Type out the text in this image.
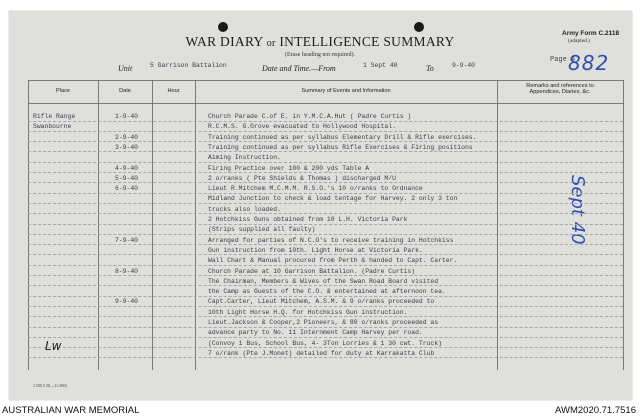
WAR DIARY or INTELLIGENCE SUMMARY
(Erase heading not required).
Army Form C.2118
(adapted.)
Page 4
882
Sept 40
Unit	5 Garrison Battalion	Date and Time.—From	1 Sept 40	To	9-9-40
Place	Date	Hour	Summary of Events and Information
Remarks and references to
Appendices, Diaries, &c.
Rifle Range	1-9-40	Church Parade C.of E. in Y.M.C.A.Hut ( Padre Curtis )
Swanbourne	R.C.M.S. G.Grove evacuated to Hollywood Hospital.
2-9-40	Training continued as per syllabus Elementary Drill & Rifle exercises.
3-9-40	Training continued as per syllabus Rifle Exercises & Firing positions
Aiming Instruction.
4-9-40	Firing Practice over 100 & 200 yds Table A
5-9-40	2 o/ranks ( Pte Shields & Thomas ) discharged M/U
6-9-40	Lieut R.Mitchem M.C.M.M. R.S.O.'s 10 o/ranks to Ordnance
Midland Junction to check & load tentage for Harvey. 2 only 3 ton
trucks also loaded.
2 Hotchkiss Guns obtained from 10 L.H. Victoria Park
(Strips supplied all faulty)
7-9-40	Arranged for parties of N.C.O's to receive training in Hotchkiss
Gun instruction from 10th. Light Horse at Victoria Park.
Wall Chart & Manual procured from Perth & handed to Capt. Carter.
8-9-40	Church Parade at 10 Garrison Battalion. (Padre Curtis)
The Chairman, Members & Wives of the Swan Road Board visited
the Camp as Guests of the C.O. & entertained at afternoon tea.
9-9-40	Capt.Carter, Lieut Mitchem, A.S.M. & 9 o/ranks proceeded to
10th Light Horse H.Q. for Hotchkiss Gun instruction.
Lieut.Jackson & Cooper,2 Pioneers, & 80 o/ranks proceeded as
advance party to No. 11 Internment Camp Harvey per road.
(Convoy 1 Bus, School Bus, 4- 3Ton Lorries & 1 30 cwt. Truck)
7 o/rank (Pte J.Monet) detailed for duty at Karrakatta Club
2.500.5.38.—G.4965.
Lw
AUSTRALIAN WAR MEMORIAL	AWM2020.71.7516
